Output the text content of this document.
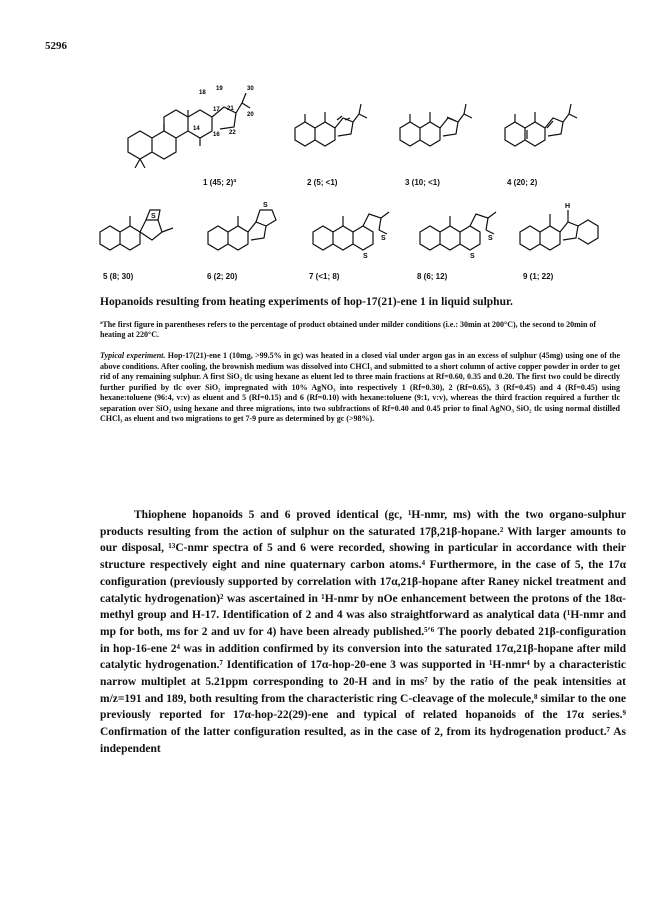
5296
19
18
16
30
22
21
17
14
20
S
S
S
S
S
S
H
1 (45; 2)ª	2 (5; <1)	3 (10; <1)	4 (20; 2)
5 (8; 30)	6 (2; 20)	7 (<1; 8)	8 (6; 12)	9 (1; 22)
Hopanoids resulting from heating experiments of hop-17(21)-ene 1 in liquid sulphur.
ªThe first figure in parentheses refers to the percentage of product obtained under milder conditions (i.e.: 30min at 200°C), the second to 20min of heating at 220°C.
Typical experiment. Hop-17(21)-ene 1 (10mg, >99.5% in gc) was heated in a closed vial under argon gas in an excess of sulphur (45mg) using one of the above conditions. After cooling, the brownish medium was dissolved into CHCl₃ and submitted to a short column of active copper powder in order to get rid of any remaining sulphur. A first SiO₂ tlc using hexane as eluent led to three main fractions at Rf=0.60, 0.35 and 0.20. The first two could be directly further purified by tlc over SiO₂ impregnated with 10% AgNO₃ into respectively 1 (Rf=0.30), 2 (Rf=0.65), 3 (Rf=0.45) and 4 (Rf=0.45) using hexane:toluene (96:4, v:v) as eluent and 5 (Rf=0.15) and 6 (Rf=0.10) with hexane:toluene (9:1, v:v), whereas the third fraction required a further tlc separation over SiO₂ using hexane and three migrations, into two subfractions of Rf=0.40 and 0.45 prior to final AgNO₃ SiO₂ tlc using normal distilled CHCl₃ as eluent and two migrations to get 7-9 pure as determined by gc (>98%).

Thiophene hopanoids 5 and 6 proved identical (gc, ¹H-nmr, ms) with the two organo-sulphur products resulting from the action of sulphur on the saturated 17β,21β-hopane.² With larger amounts to our disposal, ¹³C-nmr spectra of 5 and 6 were recorded, showing in particular in accordance with their structure respectively eight and nine quaternary carbon atoms.⁴ Furthermore, in the case of 5, the 17α configuration (previously supported by correlation with 17α,21β-hopane after Raney nickel treatment and catalytic hydrogenation)² was ascertained in ¹H-nmr by nOe enhancement between the protons of the 18α-methyl group and H-17. Identification of 2 and 4 was also straightforward as analytical data (¹H-nmr and mp for both, ms for 2 and uv for 4) have been already published.⁵ʹ⁶ The poorly debated 21β-configuration in hop-16-ene 2⁴ was in addition confirmed by its conversion into the saturated 17α,21β-hopane after mild catalytic hydrogenation.⁷ Identification of 17α-hop-20-ene 3 was supported in ¹H-nmr⁴ by a characteristic narrow multiplet at 5.21ppm corresponding to 20-H and in ms⁷ by the ratio of the peak intensities at m/z=191 and 189, both resulting from the characteristic ring C-cleavage of the molecule,⁸ similar to the one previously reported for 17α-hop-22(29)-ene and typical of related hopanoids of the 17α series.⁹ Confirmation of the latter configuration resulted, as in the case of 2, from its hydrogenation product.⁷ As independent
